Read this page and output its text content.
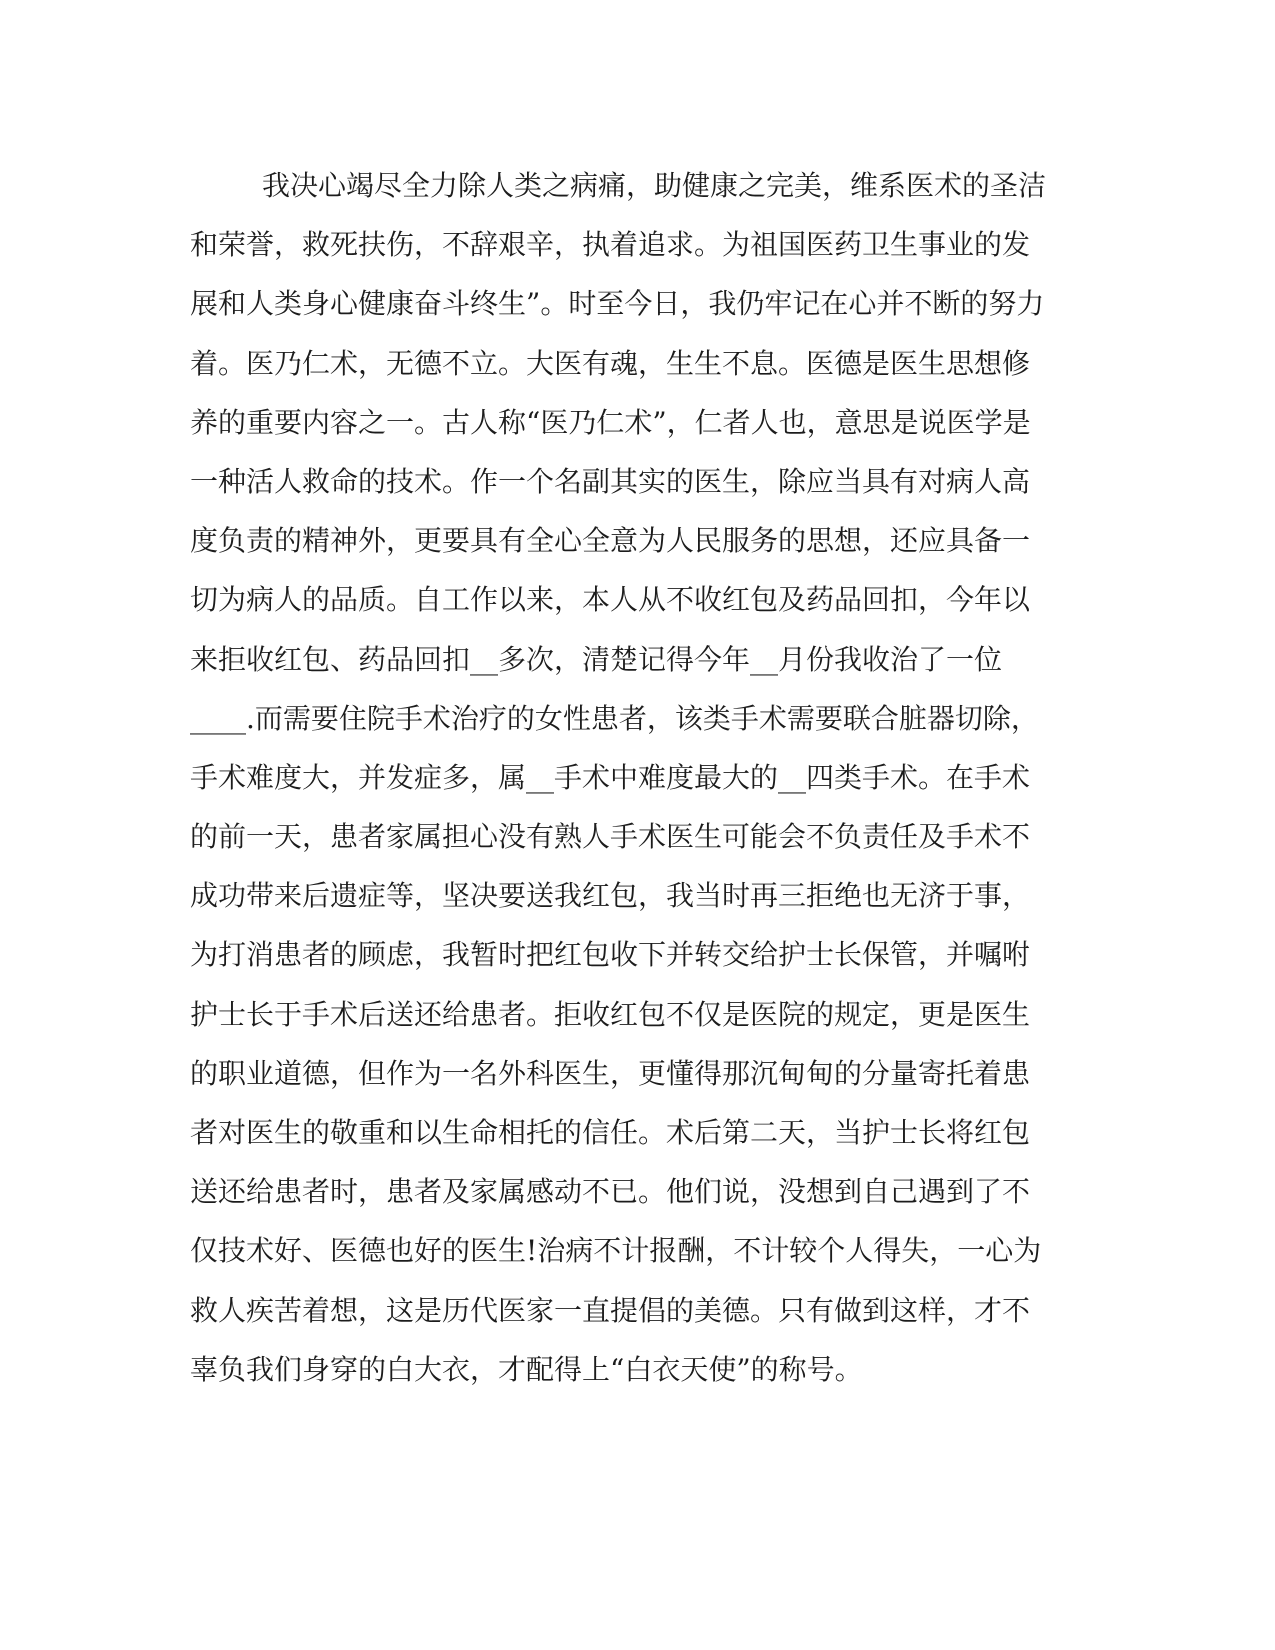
我决心竭尽全力除人类之病痛，助健康之完美，维系医术的圣洁
和荣誉，救死扶伤，不辞艰辛，执着追求。为祖国医药卫生事业的发
展和人类身心健康奋斗终生”。时至今日，我仍牢记在心并不断的努力
着。医乃仁术，无德不立。大医有魂，生生不息。医德是医生思想修
养的重要内容之一。古人称“医乃仁术”，仁者人也，意思是说医学是
一种活人救命的技术。作一个名副其实的医生，除应当具有对病人高
度负责的精神外，更要具有全心全意为人民服务的思想，还应具备一
切为病人的品质。自工作以来，本人从不收红包及药品回扣，今年以
来拒收红包、药品回扣__多次，清楚记得今年__月份我收治了一位
____.而需要住院手术治疗的女性患者，该类手术需要联合脏器切除，
手术难度大，并发症多，属__手术中难度最大的__四类手术。在手术
的前一天，患者家属担心没有熟人手术医生可能会不负责任及手术不
成功带来后遗症等，坚决要送我红包，我当时再三拒绝也无济于事，
为打消患者的顾虑，我暂时把红包收下并转交给护士长保管，并嘱咐
护士长于手术后送还给患者。拒收红包不仅是医院的规定，更是医生
的职业道德，但作为一名外科医生，更懂得那沉甸甸的分量寄托着患
者对医生的敬重和以生命相托的信任。术后第二天，当护士长将红包
送还给患者时，患者及家属感动不已。他们说，没想到自己遇到了不
仅技术好、医德也好的医生!治病不计报酬，不计较个人得失，一心为
救人疾苦着想，这是历代医家一直提倡的美德。只有做到这样，才不
辜负我们身穿的白大衣，才配得上“白衣天使”的称号。
